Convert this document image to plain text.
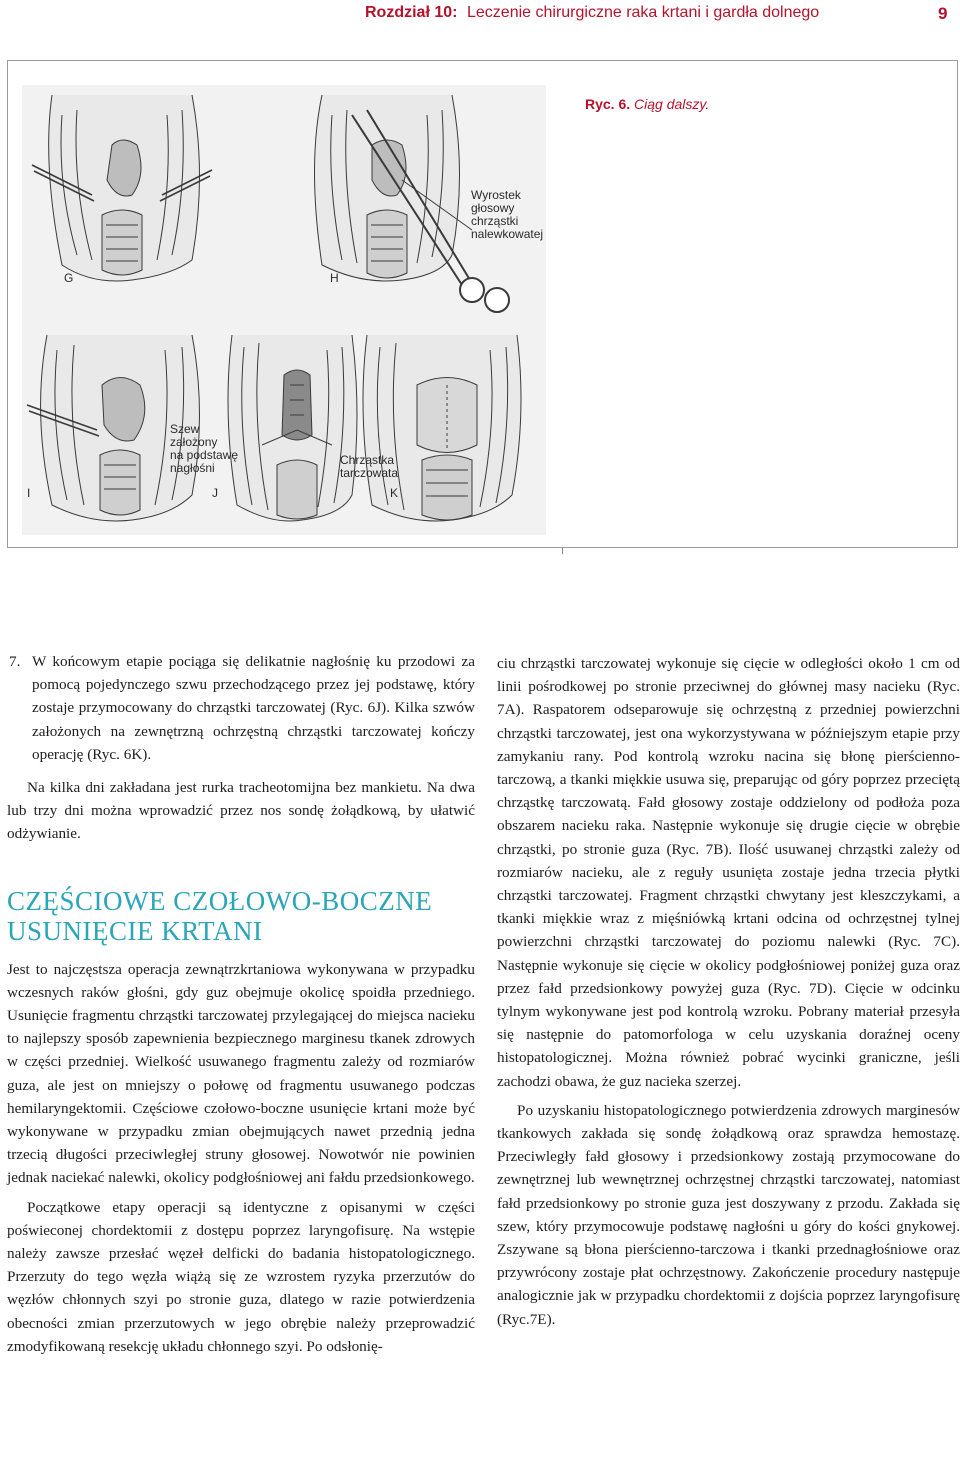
Rozdział 10: Leczenie chirurgiczne raka krtani i gardła dolnego	9
G	H
I	J	K
Wyrostek
głosowy
chrząstki
nalewkowatej
Szew
założony
na podstawę
nagłośni
Chrząstka
tarczowata
Ryc. 6. Ciąg dalszy.

7. W końcowym etapie pociąga się delikatnie nagłośnię ku przodowi za pomocą pojedynczego szwu przechodzącego przez jej podstawę, który zostaje przymocowany do chrząstki tarczowatej (Ryc. 6J). Kilka szwów założonych na zewnętrzną ochrzęstną chrząstki tarczowatej kończy operację (Ryc. 6K).

Na kilka dni zakładana jest rurka tracheotomijna bez mankietu. Na dwa lub trzy dni można wprowadzić przez nos sondę żołądkową, by ułatwić odżywianie.

CZĘŚCIOWE CZOŁOWO-BOCZNE USUNIĘCIE KRTANI

Jest to najczęstsza operacja zewnątrzkrtaniowa wykonywana w przypadku wczesnych raków głośni, gdy guz obejmuje okolicę spoidła przedniego. Usunięcie fragmentu chrząstki tarczowatej przylegającej do miejsca nacieku to najlepszy sposób zapewnienia bezpiecznego marginesu tkanek zdrowych w części przedniej. Wielkość usuwanego fragmentu zależy od rozmiarów guza, ale jest on mniejszy o połowę od fragmentu usuwanego podczas hemilaryngektomii. Częściowe czołowo-boczne usunięcie krtani może być wykonywane w przypadku zmian obejmujących nawet przednią jedna trzecią długości przeciwległej struny głosowej. Nowotwór nie powinien jednak naciekać nalewki, okolicy podgłośniowej ani fałdu przedsionkowego.

Początkowe etapy operacji są identyczne z opisanymi w części poświeconej chordektomii z dostępu poprzez laryngofisurę. Na wstępie należy zawsze przesłać węzeł delficki do badania histopatologicznego. Przerzuty do tego węzła wiążą się ze wzrostem ryzyka przerzutów do węzłów chłonnych szyi po stronie guza, dlatego w razie potwierdzenia obecności zmian przerzutowych w jego obrębie należy przeprowadzić zmodyfikowaną resekcję układu chłonnego szyi. Po odsłonię-

ciu chrząstki tarczowatej wykonuje się cięcie w odległości około 1 cm od linii pośrodkowej po stronie przeciwnej do głównej masy nacieku (Ryc. 7A). Raspatorem odseparowuje się ochrzęstną z przedniej powierzchni chrząstki tarczowatej, jest ona wykorzystywana w późniejszym etapie przy zamykaniu rany. Pod kontrolą wzroku nacina się błonę pierścienno-tarczową, a tkanki miękkie usuwa się, preparując od góry poprzez przeciętą chrząstkę tarczowatą. Fałd głosowy zostaje oddzielony od podłoża poza obszarem nacieku raka. Następnie wykonuje się drugie cięcie w obrębie chrząstki, po stronie guza (Ryc. 7B). Ilość usuwanej chrząstki zależy od rozmiarów nacieku, ale z reguły usunięta zostaje jedna trzecia płytki chrząstki tarczowatej. Fragment chrząstki chwytany jest kleszczykami, a tkanki miękkie wraz z mięśniówką krtani odcina od ochrzęstnej tylnej powierzchni chrząstki tarczowatej do poziomu nalewki (Ryc. 7C). Następnie wykonuje się cięcie w okolicy podgłośniowej poniżej guza oraz przez fałd przedsionkowy powyżej guza (Ryc. 7D). Cięcie w odcinku tylnym wykonywane jest pod kontrolą wzroku. Pobrany materiał przesyła się następnie do patomorfologa w celu uzyskania doraźnej oceny histopatologicznej. Można również pobrać wycinki graniczne, jeśli zachodzi obawa, że guz nacieka szerzej.

Po uzyskaniu histopatologicznego potwierdzenia zdrowych marginesów tkankowych zakłada się sondę żołądkową oraz sprawdza hemostazę. Przeciwległy fałd głosowy i przedsionkowy zostają przymocowane do zewnętrznej lub wewnętrznej ochrzęstnej chrząstki tarczowatej, natomiast fałd przedsionkowy po stronie guza jest doszywany z przodu. Zakłada się szew, który przymocowuje podstawę nagłośni u góry do kości gnykowej. Zszywane są błona pierścienno-tarczowa i tkanki przednagłośniowe oraz przywrócony zostaje płat ochrzęstnowy. Zakończenie procedury następuje analogicznie jak w przypadku chordektomii z dojścia poprzez laryngofisurę (Ryc.7E).
